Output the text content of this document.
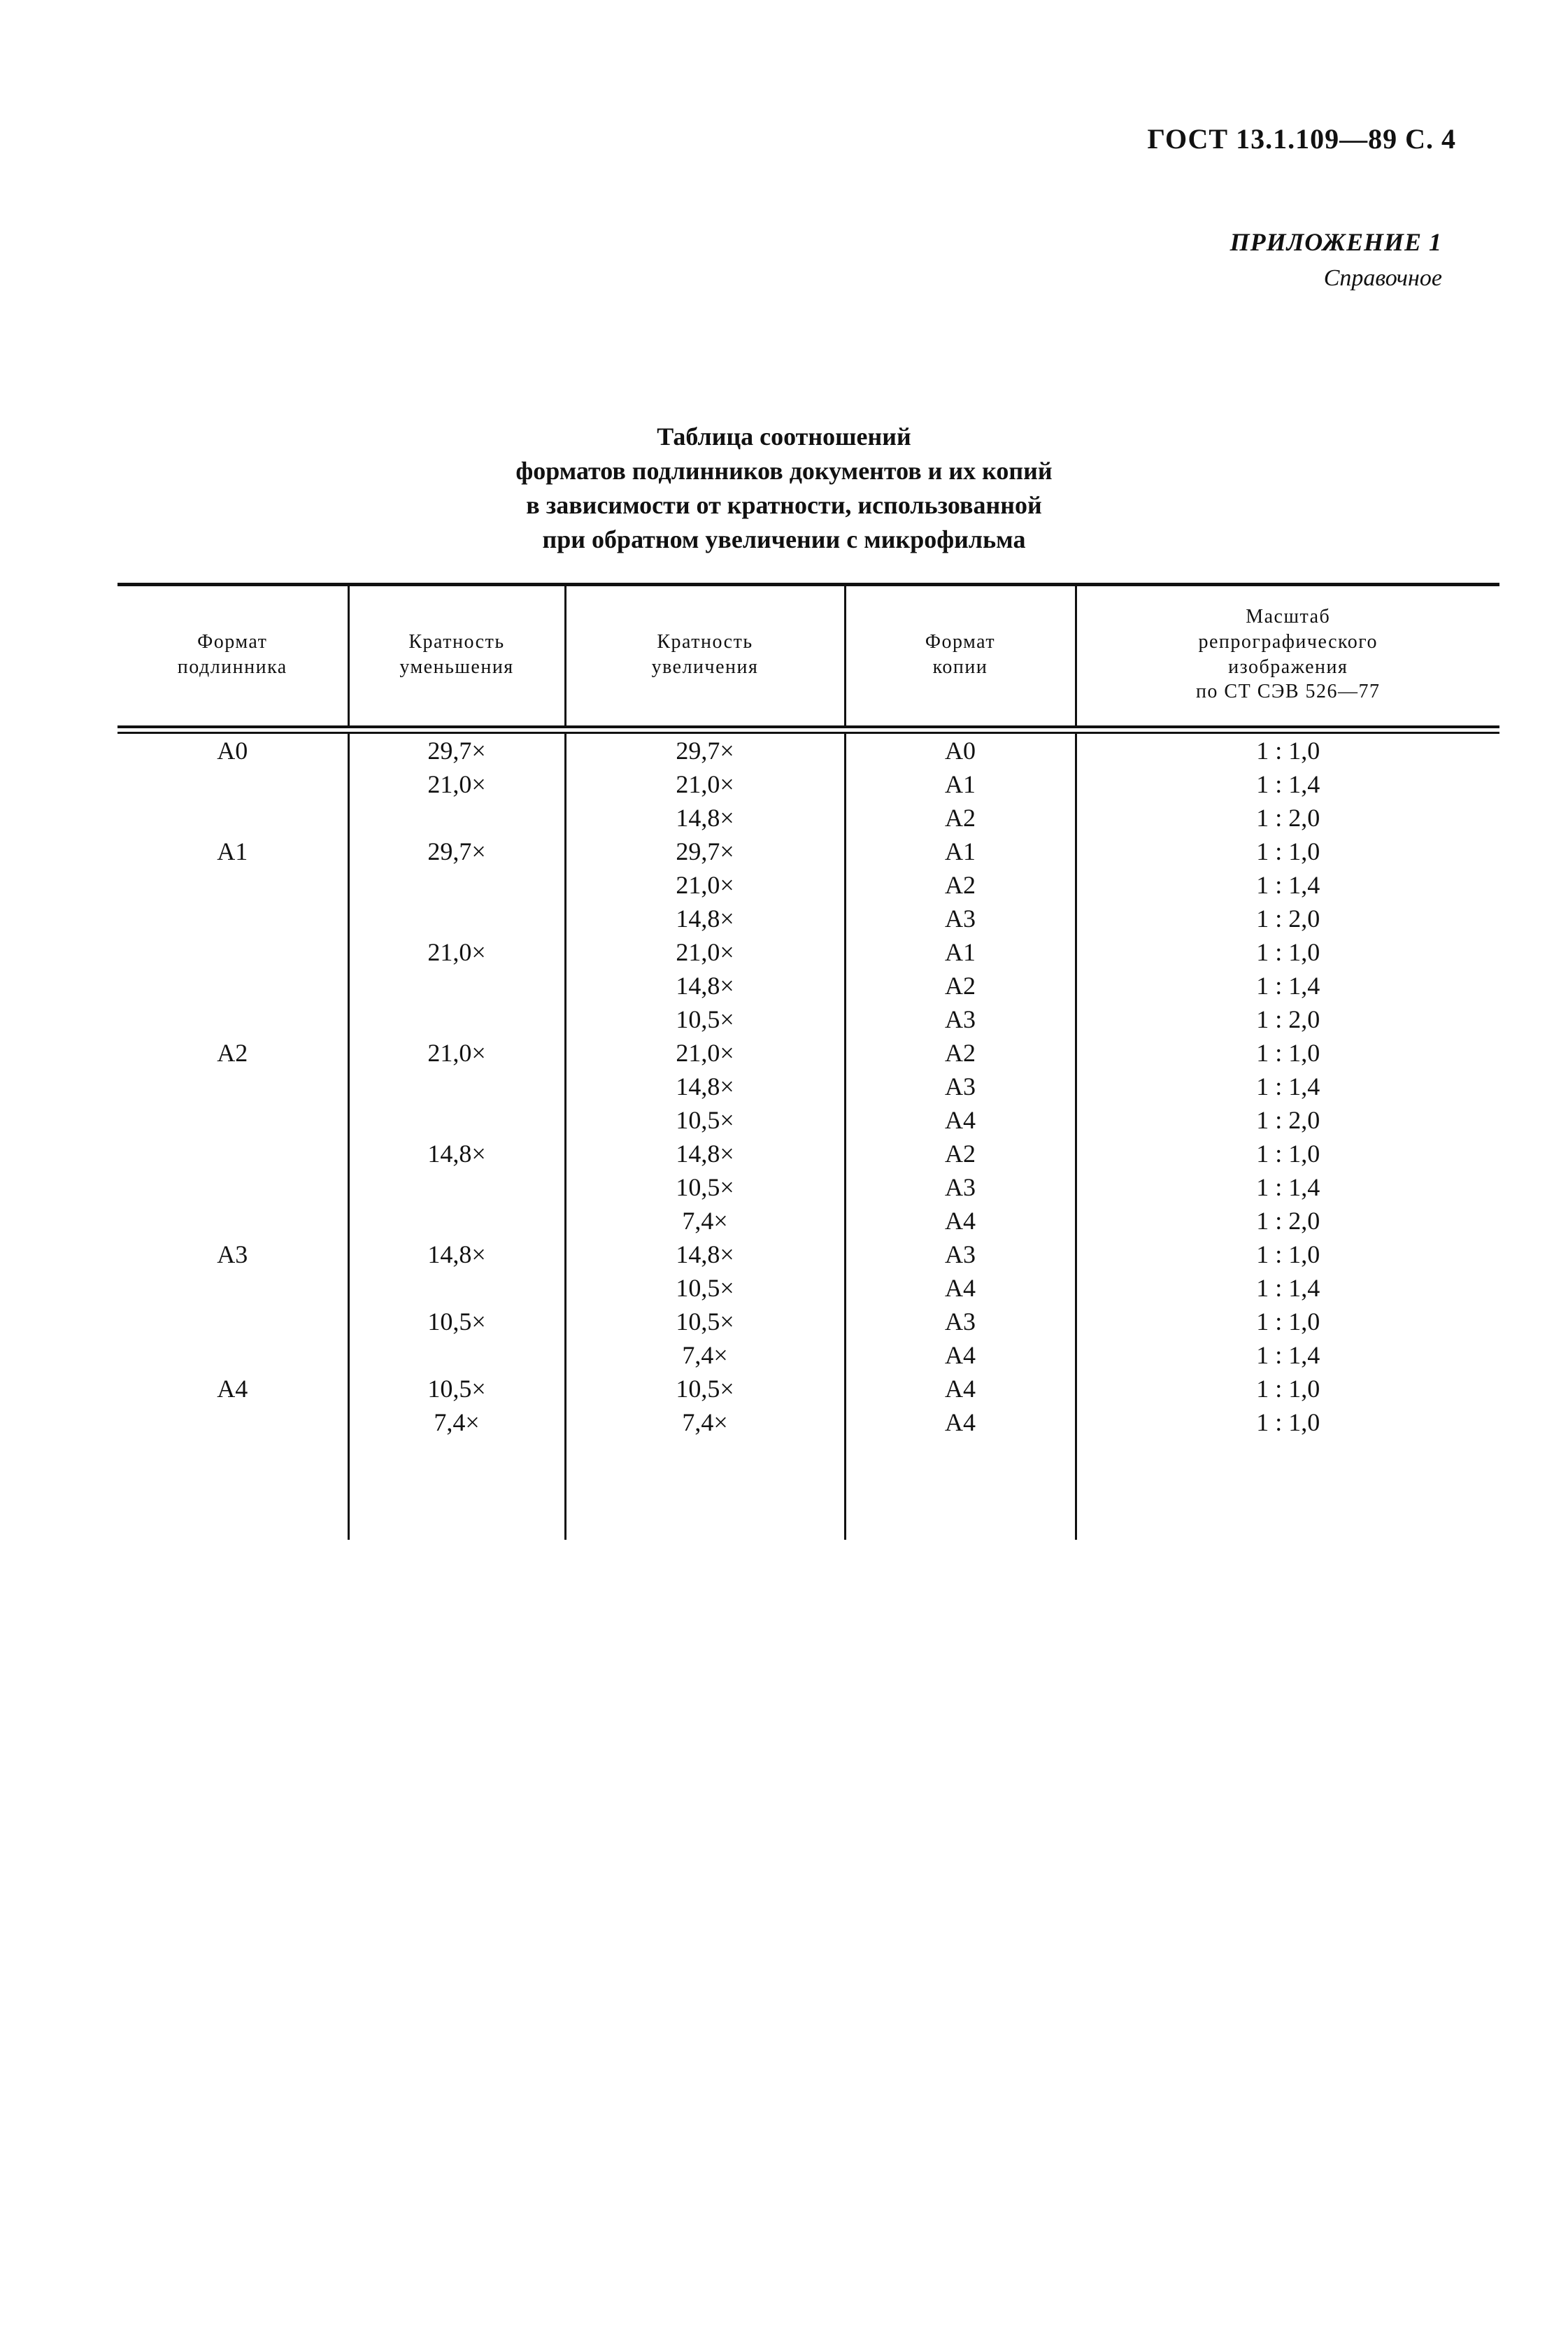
ГОСТ 13.1.109—89 С. 4
ПРИЛОЖЕНИЕ 1
Справочное
Таблица соотношений
форматов подлинников документов и их копий
в зависимости от кратности, использованной
при обратном увеличении с микрофильма
Формат
подлинника

Кратность
уменьшения

Кратность
увеличения

Формат
копии

Масштаб
репрографического
изображения
по СТ СЭВ 526—77
А0	29,7×	29,7×	А0	1 : 1,0
	21,0×	21,0×	А1	1 : 1,4
		14,8×	А2	1 : 2,0
А1	29,7×	29,7×	А1	1 : 1,0
		21,0×	А2	1 : 1,4
		14,8×	А3	1 : 2,0
	21,0×	21,0×	А1	1 : 1,0
		14,8×	А2	1 : 1,4
		10,5×	А3	1 : 2,0
А2	21,0×	21,0×	А2	1 : 1,0
		14,8×	А3	1 : 1,4
		10,5×	А4	1 : 2,0
	14,8×	14,8×	А2	1 : 1,0
		10,5×	А3	1 : 1,4
		7,4×	А4	1 : 2,0
А3	14,8×	14,8×	А3	1 : 1,0
		10,5×	А4	1 : 1,4
	10,5×	10,5×	А3	1 : 1,0
		7,4×	А4	1 : 1,4
А4	10,5×	10,5×	А4	1 : 1,0
	7,4×	7,4×	А4	1 : 1,0
